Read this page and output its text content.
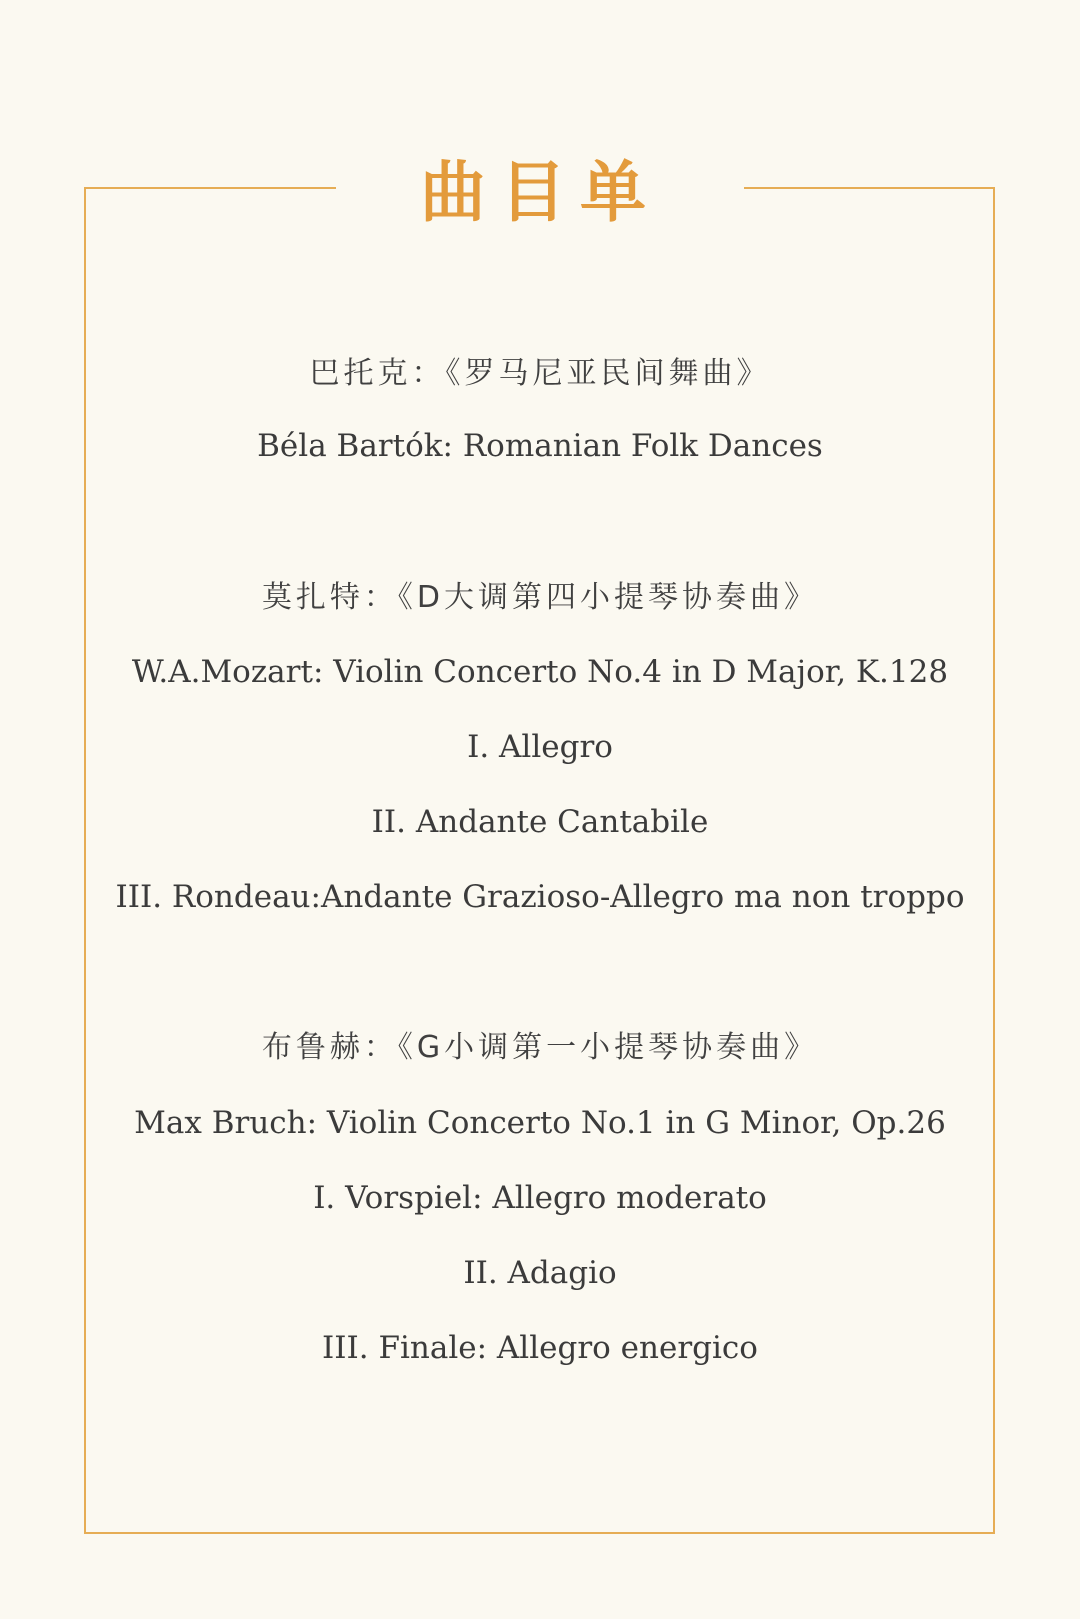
曲目单
巴托克：《罗马尼亚民间舞曲》
Béla Bartók: Romanian Folk Dances
莫扎特：《D大调第四小提琴协奏曲》
W.A.Mozart: Violin Concerto No.4 in D Major, K.128
I. Allegro
II. Andante Cantabile
III. Rondeau:Andante Grazioso-Allegro ma non troppo
布鲁赫：《G小调第一小提琴协奏曲》
Max Bruch: Violin Concerto No.1 in G Minor, Op.26
I. Vorspiel: Allegro moderato
II. Adagio
III. Finale: Allegro energico
